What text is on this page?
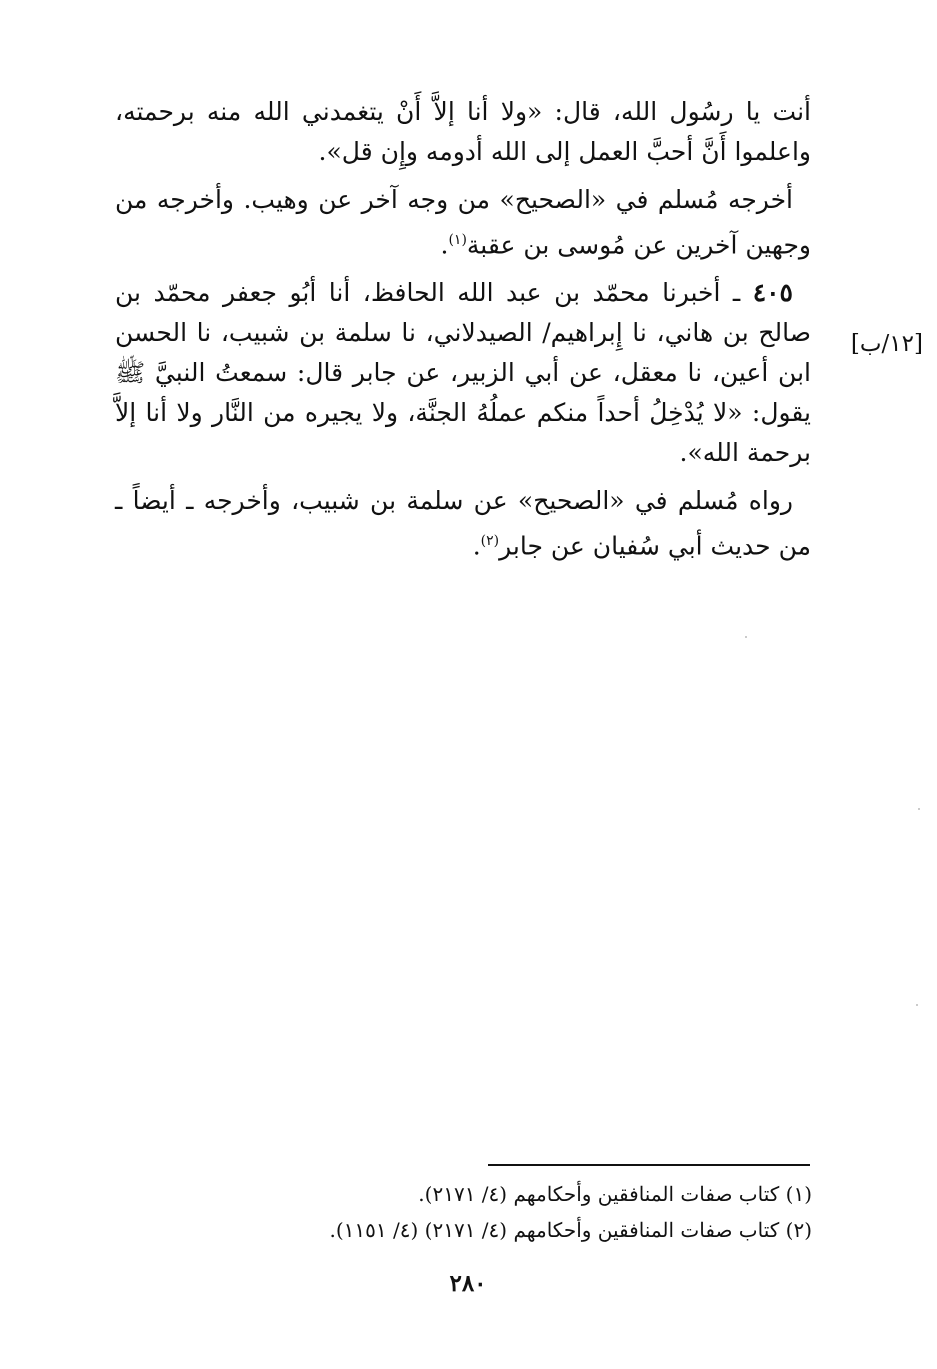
أنت يا رسُول الله، قال: «ولا أنا إلاَّ أَنْ يتغمدني الله منه برحمته، واعلموا أَنَّ أحبَّ العمل إلى الله أدومه وإِن قل».

أخرجه مُسلم في «الصحيح» من وجه آخر عن وهيب. وأخرجه من وجهين آخرين عن مُوسى بن عقبة$^{(١)}$.

٤٠٥ ـ أخبرنا محمّد بن عبد الله الحافظ، أنا أبُو جعفر محمّد بن صالح بن هاني، نا إِبراهيم/ الصيدلاني، نا سلمة بن شبيب، نا الحسن ابن أعين، نا معقل، عن أبي الزبير، عن جابر قال: سمعتُ النبيَّ ﷺ يقول: «لا يُدْخِلُ أحداً منكم عملُهُ الجنَّة، ولا يجيره من النَّار ولا أنا إلاَّ برحمة الله».

رواه مُسلم في «الصحيح» عن سلمة بن شبيب، وأخرجه ـ أيضاً ـ من حديث أبي سُفيان عن جابر$^{(٢)}$.

[١٢/ب]

(١) كتاب صفات المنافقين وأحكامهم (٤/ ٢١٧١).

(٢) كتاب صفات المنافقين وأحكامهم (٤/ ٢١٧١) (٤/ ١١٥١).

٢٨٠
